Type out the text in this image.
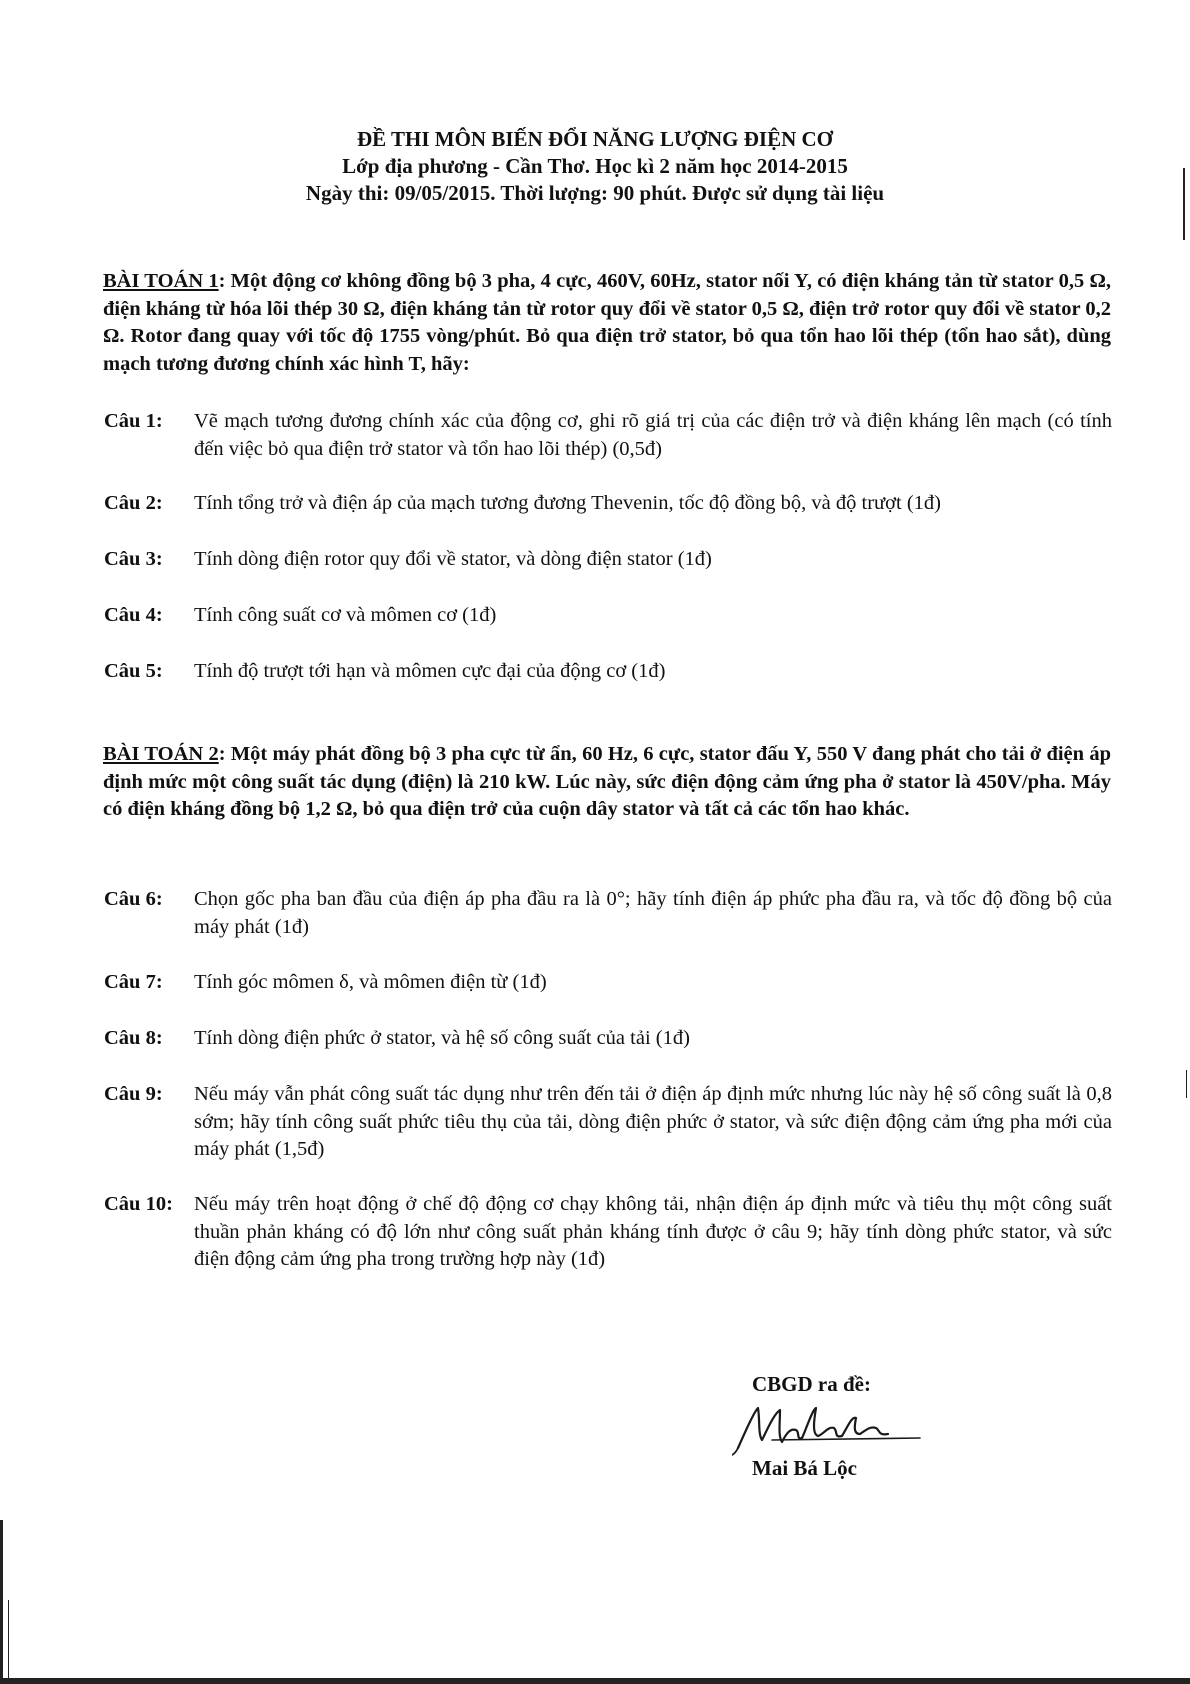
ĐỀ THI MÔN BIẾN ĐỔI NĂNG LƯỢNG ĐIỆN CƠ
Lớp địa phương - Cần Thơ. Học kì 2 năm học 2014-2015
Ngày thi: 09/05/2015. Thời lượng: 90 phút. Được sử dụng tài liệu
BÀI TOÁN 1: Một động cơ không đồng bộ 3 pha, 4 cực, 460V, 60Hz, stator nối Y, có điện kháng tản từ stator 0,5 Ω, điện kháng từ hóa lõi thép 30 Ω, điện kháng tản từ rotor quy đổi về stator 0,5 Ω, điện trở rotor quy đổi về stator 0,2 Ω. Rotor đang quay với tốc độ 1755 vòng/phút. Bỏ qua điện trở stator, bỏ qua tổn hao lõi thép (tổn hao sắt), dùng mạch tương đương chính xác hình T, hãy:
Câu 1:	Vẽ mạch tương đương chính xác của động cơ, ghi rõ giá trị của các điện trở và điện kháng lên mạch (có tính đến việc bỏ qua điện trở stator và tổn hao lõi thép) (0,5đ)
Câu 2:	Tính tổng trở và điện áp của mạch tương đương Thevenin, tốc độ đồng bộ, và độ trượt (1đ)
Câu 3:	Tính dòng điện rotor quy đổi về stator, và dòng điện stator (1đ)
Câu 4:	Tính công suất cơ và mômen cơ (1đ)
Câu 5:	Tính độ trượt tới hạn và mômen cực đại của động cơ (1đ)
BÀI TOÁN 2: Một máy phát đồng bộ 3 pha cực từ ẩn, 60 Hz, 6 cực, stator đấu Y, 550 V đang phát cho tải ở điện áp định mức một công suất tác dụng (điện) là 210 kW. Lúc này, sức điện động cảm ứng pha ở stator là 450V/pha. Máy có điện kháng đồng bộ 1,2 Ω, bỏ qua điện trở của cuộn dây stator và tất cả các tổn hao khác.
Câu 6:	Chọn gốc pha ban đầu của điện áp pha đầu ra là 0°; hãy tính điện áp phức pha đầu ra, và tốc độ đồng bộ của máy phát (1đ)
Câu 7:	Tính góc mômen δ, và mômen điện từ (1đ)
Câu 8:	Tính dòng điện phức ở stator, và hệ số công suất của tải (1đ)
Câu 9:	Nếu máy vẫn phát công suất tác dụng như trên đến tải ở điện áp định mức nhưng lúc này hệ số công suất là 0,8 sớm; hãy tính công suất phức tiêu thụ của tải, dòng điện phức ở stator, và sức điện động cảm ứng pha mới của máy phát (1,5đ)
Câu 10:	Nếu máy trên hoạt động ở chế độ động cơ chạy không tải, nhận điện áp định mức và tiêu thụ một công suất thuần phản kháng có độ lớn như công suất phản kháng tính được ở câu 9; hãy tính dòng phức stator, và sức điện động cảm ứng pha trong trường hợp này (1đ)
CBGD ra đề:
Mai Bá Lộc
